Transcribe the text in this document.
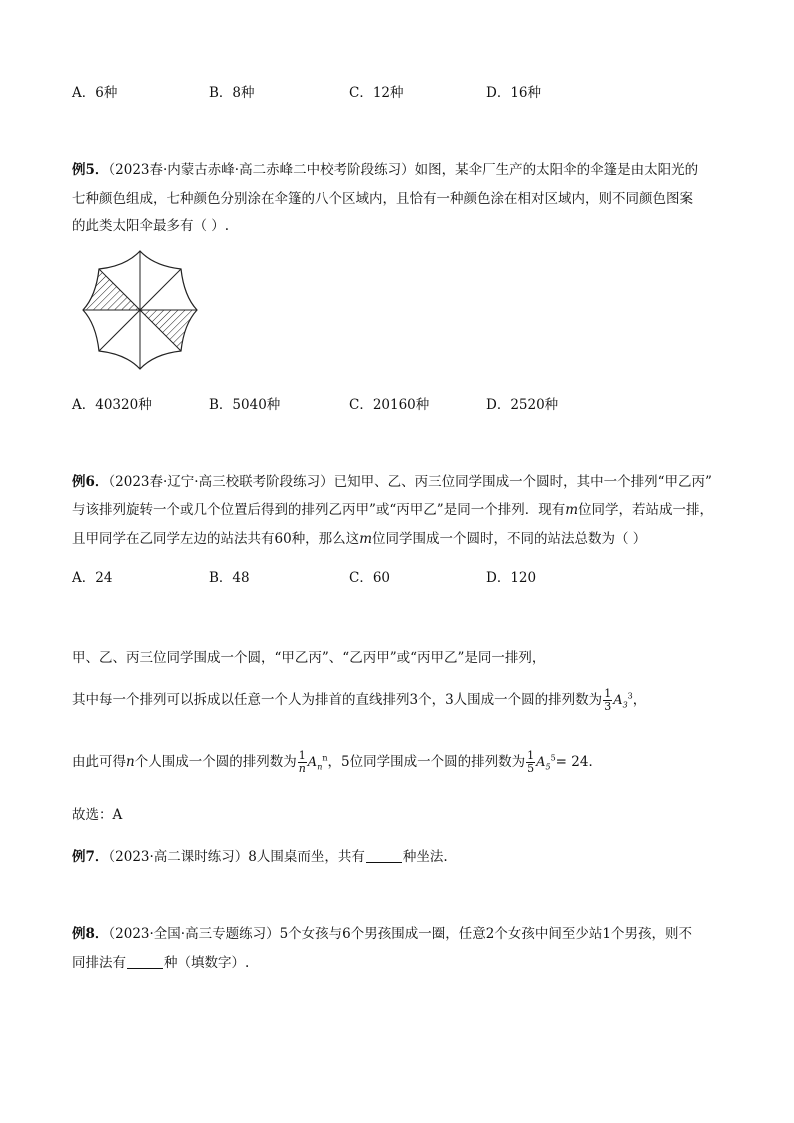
A．6种	B．8种	C．12种	D．16种
例5．（2023春·内蒙古赤峰·高二赤峰二中校考阶段练习）如图，某伞厂生产的太阳伞的伞篷是由太阳光的
七种颜色组成，七种颜色分别涂在伞篷的八个区域内，且恰有一种颜色涂在相对区域内，则不同颜色图案
的此类太阳伞最多有（ ）.
A．40320种	B．5040种	C．20160种	D．2520种
例6．（2023春·辽宁·高三校联考阶段练习）已知甲、乙、丙三位同学围成一个圆时，其中一个排列“甲乙丙”
与该排列旋转一个或几个位置后得到的排列乙丙甲”或“丙甲乙”是同一个排列．现有m位同学，若站成一排，
且甲同学在乙同学左边的站法共有60种，那么这m位同学围成一个圆时，不同的站法总数为（ ）
A．24	B．48	C．60	D．120
甲、乙、丙三位同学围成一个圆，“甲乙丙”、“乙丙甲”或“丙甲乙”是同一排列，
其中每一个排列可以拆成以任意一个人为排首的直线排列3个，3人围成一个圆的排列数为 $\frac{1}{3} A_3^3$，
由此可得n个人围成一个圆的排列数为 $\frac{1}{n} A_n^n$，5位同学围成一个圆的排列数为 $\frac{1}{5} A_5^5= 24$．
故选：A
例7．（2023·高二课时练习）8人围桌而坐，共有	种坐法.
例8．（2023·全国·高三专题练习）5个女孩与6个男孩围成一圈，任意2个女孩中间至少站1个男孩，则不
同排法有	种（填数字）.
